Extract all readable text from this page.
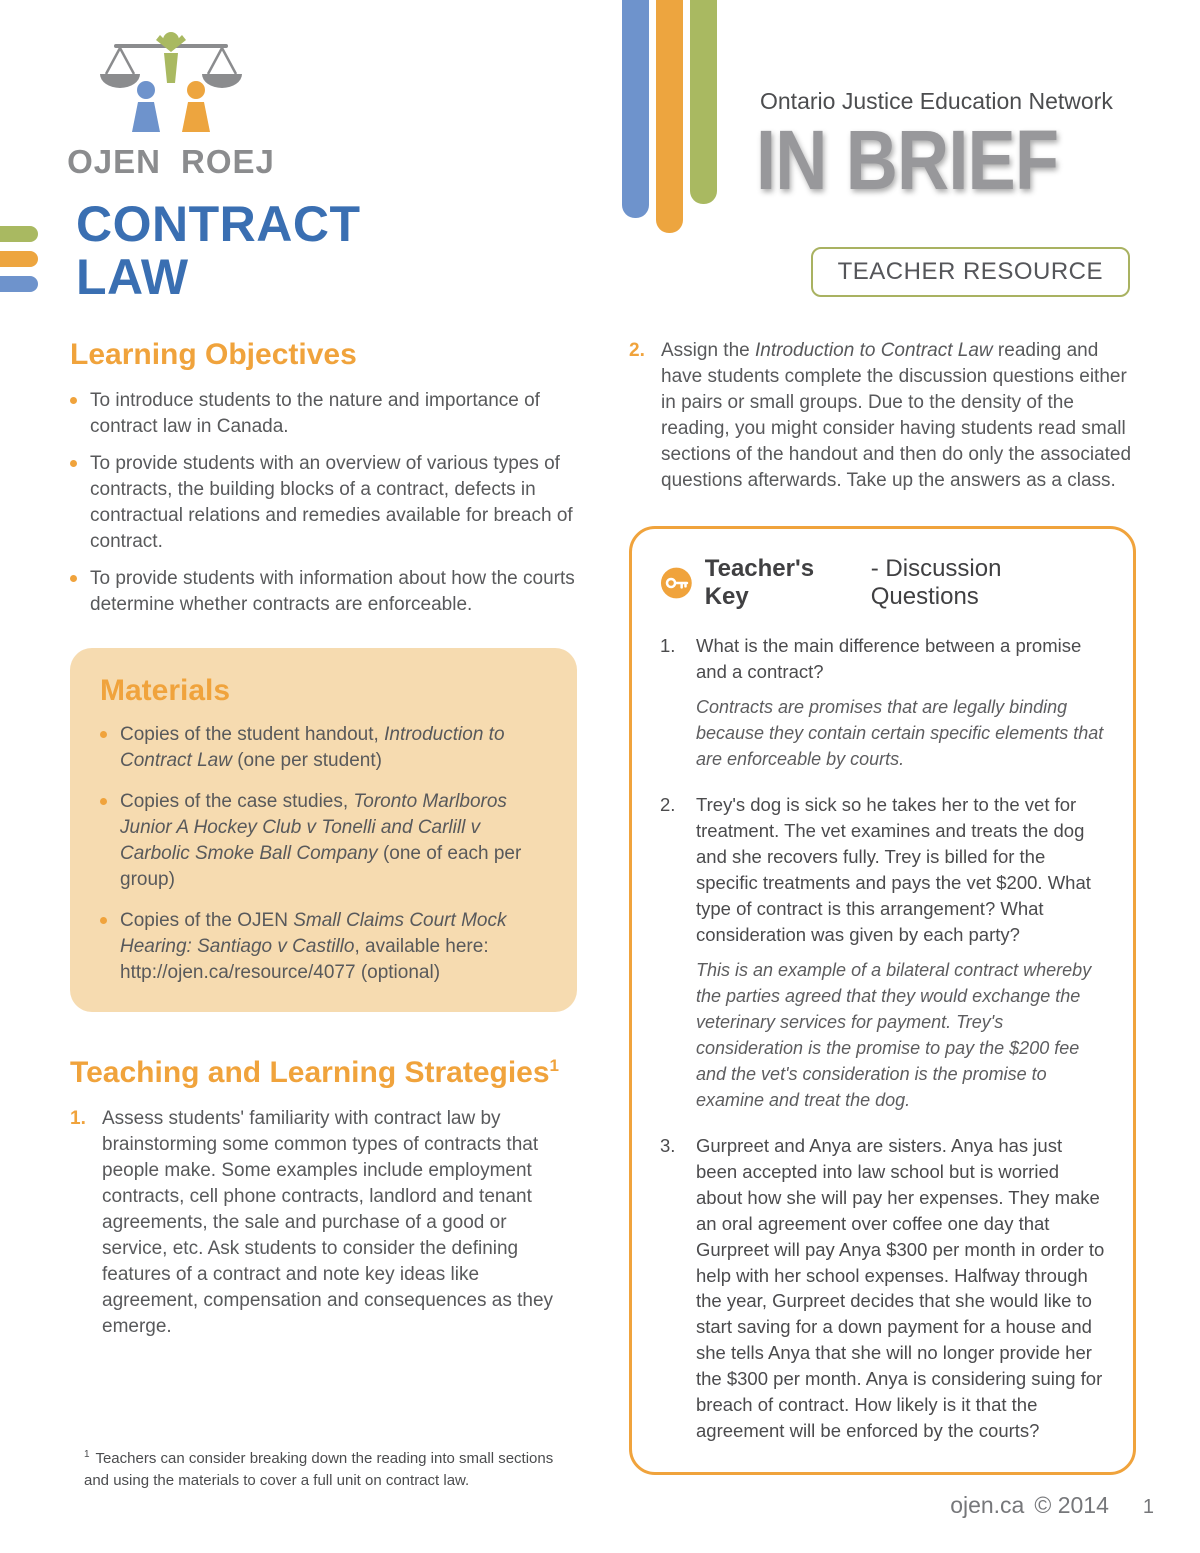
OJEN ROEJ
Ontario Justice Education Network
IN BRIEF
TEACHER RESOURCE
CONTRACT
LAW
Learning Objectives
To introduce students to the nature and importance of contract law in Canada.
To provide students with an overview of various types of contracts, the building blocks of a contract, defects in contractual relations and remedies available for breach of contract.
To provide students with information about how the courts determine whether contracts are enforceable.
Materials
Copies of the student handout, Introduction to Contract Law (one per student)
Copies of the case studies, Toronto Marlboros Junior A Hockey Club v Tonelli and Carlill v Carbolic Smoke Ball Company (one of each per group)
Copies of the OJEN Small Claims Court Mock Hearing: Santiago v Castillo, available here: http://ojen.ca/resource/4077 (optional)
Teaching and Learning Strategies$^1$
1. Assess students' familiarity with contract law by brainstorming some common types of contracts that people make. Some examples include employment contracts, cell phone contracts, landlord and tenant agreements, the sale and purchase of a good or service, etc. Ask students to consider the defining features of a contract and note key ideas like agreement, compensation and consequences as they emerge.
2. Assign the Introduction to Contract Law reading and have students complete the discussion questions either in pairs or small groups. Due to the density of the reading, you might consider having students read small sections of the handout and then do only the associated questions afterwards. Take up the answers as a class.
Teacher's Key
- Discussion Questions
1.	What is the main difference between a promise and a contract?
Contracts are promises that are legally binding because they contain certain specific elements that are enforceable by courts.
2.	Trey's dog is sick so he takes her to the vet for treatment. The vet examines and treats the dog and she recovers fully. Trey is billed for the specific treatments and pays the vet $200. What type of contract is this arrangement? What consideration was given by each party?
This is an example of a bilateral contract whereby the parties agreed that they would exchange the veterinary services for payment. Trey's consideration is the promise to pay the $200 fee and the vet's consideration is the promise to examine and treat the dog.
3.	Gurpreet and Anya are sisters. Anya has just been accepted into law school but is worried about how she will pay her expenses. They make an oral agreement over coffee one day that Gurpreet will pay Anya $300 per month in order to help with her school expenses. Halfway through the year, Gurpreet decides that she would like to start saving for a down payment for a house and she tells Anya that she will no longer provide her the $300 per month. Anya is considering suing for breach of contract. How likely is it that the agreement will be enforced by the courts?
$^1$ Teachers can consider breaking down the reading into small sections and using the materials to cover a full unit on contract law.
ojen.ca © 2014 1
